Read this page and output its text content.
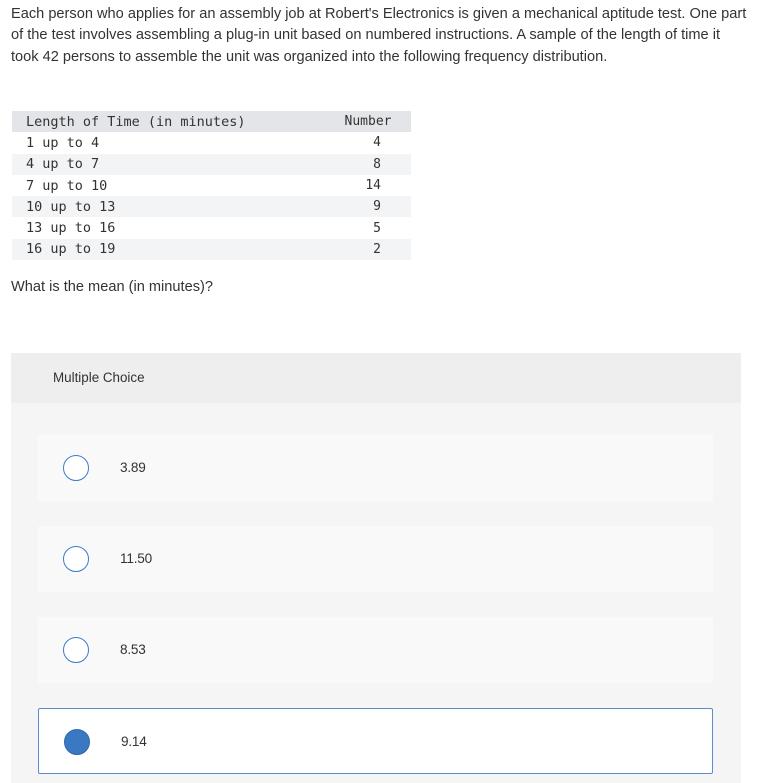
Each person who applies for an assembly job at Robert's Electronics is given a mechanical aptitude test. One part of the test involves assembling a plug-in unit based on numbered instructions. A sample of the length of time it took 42 persons to assemble the unit was organized into the following frequency distribution.
Length of Time (in minutes)	Number
1 up to 4	4
4 up to 7	8
7 up to 10	14
10 up to 13	9
13 up to 16	5
16 up to 19	2
What is the mean (in minutes)?
Multiple Choice
3.89
11.50
8.53
9.14
